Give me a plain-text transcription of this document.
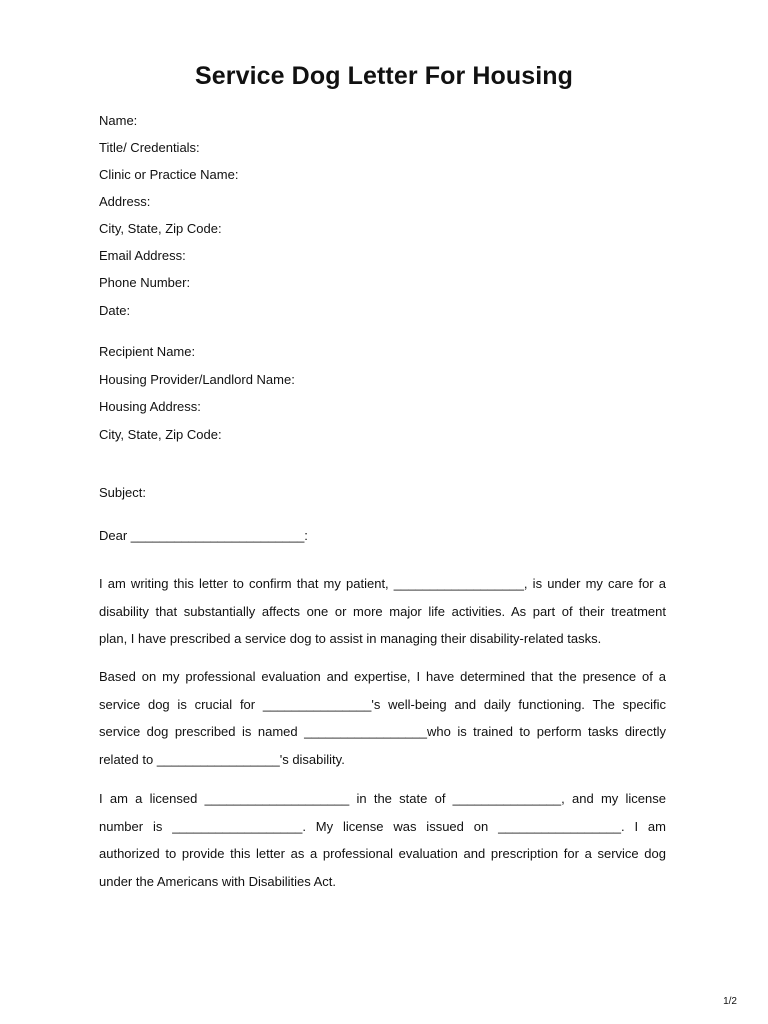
Service Dog Letter For Housing
Name:
Title/ Credentials:
Clinic or Practice Name:
Address:
City, State, Zip Code:
Email Address:
Phone Number:
Date:
Recipient Name:
Housing Provider/Landlord Name:
Housing Address:
City, State, Zip Code:
Subject:
Dear ________________________:
I am writing this letter to confirm that my patient, __________________, is under my care for a
disability that substantially affects one or more major life activities. As part of their treatment
plan, I have prescribed a service dog to assist in managing their disability-related tasks.
Based on my professional evaluation and expertise, I have determined that the presence of a
service dog is crucial for _______________'s well-being and daily functioning. The specific
service dog prescribed is named _________________who is trained to perform tasks directly
related to _________________'s disability.
I am a licensed ____________________ in the state of _______________, and my license
number is __________________. My license was issued on _________________. I am
authorized to provide this letter as a professional evaluation and prescription for a service dog
under the Americans with Disabilities Act.
1/2
